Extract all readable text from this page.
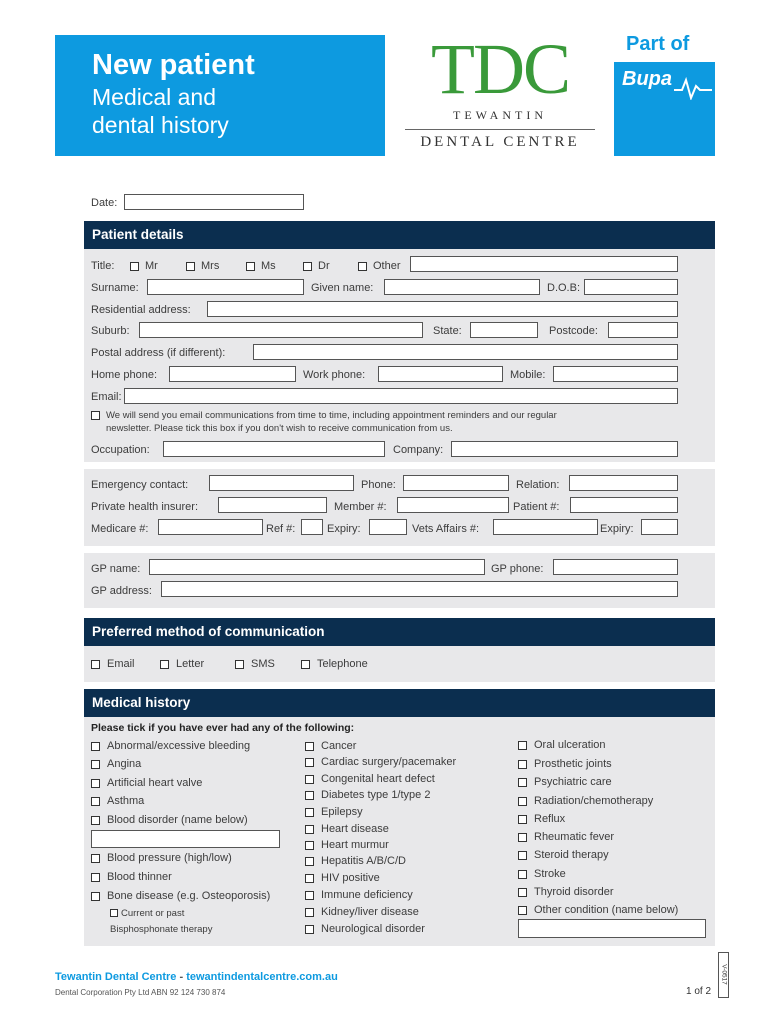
New patient
Medical and
dental history
TDC
TEWANTIN
DENTAL CENTRE
Part of
Bupa
Date:
Patient details
Title:	Mr	Mrs	Ms	Dr	Other
Surname:	Given name:	D.O.B:
Residential address:
Suburb:	State:	Postcode:
Postal address (if different):
Home phone:	Work phone:	Mobile:
Email:
We will send you email communications from time to time, including appointment reminders and our regular
newsletter. Please tick this box if you don't wish to receive communication from us.
Occupation:	Company:
Emergency contact:	Phone:	Relation:
Private health insurer:	Member #:	Patient #:
Medicare #:	Ref #:	Expiry:	Vets Affairs #:	Expiry:
GP name:	GP phone:
GP address:
Preferred method of communication
Email	Letter	SMS	Telephone
Medical history
Please tick if you have ever had any of the following:
Abnormal/excessive bleeding
Angina
Artificial heart valve
Asthma
Blood disorder (name below)
Blood pressure (high/low)
Blood thinner
Bone disease (e.g. Osteoporosis)
Current or past
Bisphosphonate therapy
Cancer
Cardiac surgery/pacemaker
Congenital heart defect
Diabetes type 1/type 2
Epilepsy
Heart disease
Heart murmur
Hepatitis A/B/C/D
HIV positive
Immune deficiency
Kidney/liver disease
Neurological disorder
Oral ulceration
Prosthetic joints
Psychiatric care
Radiation/chemotherapy
Reflux
Rheumatic fever
Steroid therapy
Stroke
Thyroid disorder
Other condition (name below)
Tewantin Dental Centre - tewantindentalcentre.com.au
Dental Corporation Pty Ltd ABN 92 124 730 874	1 of 2
V-0517
